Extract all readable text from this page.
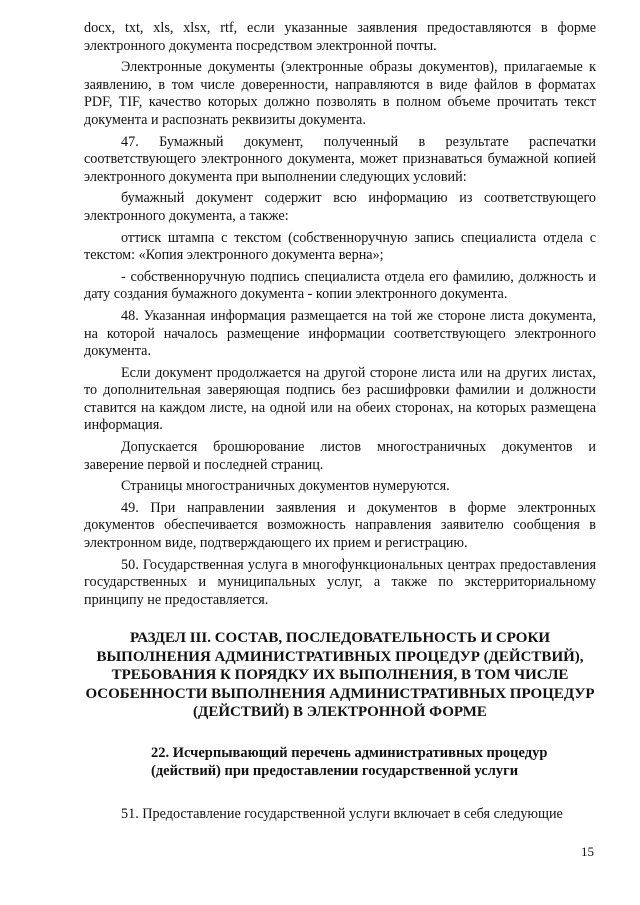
docx, txt, xls, xlsx, rtf, если указанные заявления предоставляются в форме электронного документа посредством электронной почты.

Электронные документы (электронные образы документов), прилагаемые к заявлению, в том числе доверенности, направляются в виде файлов в форматах PDF, TIF, качество которых должно позволять в полном объеме прочитать текст документа и распознать реквизиты документа.

47. Бумажный документ, полученный в результате распечатки соответствующего электронного документа, может признаваться бумажной копией электронного документа при выполнении следующих условий:

бумажный документ содержит всю информацию из соответствующего электронного документа, а также:

оттиск штампа с текстом (собственноручную запись специалиста отдела с текстом: «Копия электронного документа верна»;

- собственноручную подпись специалиста отдела его фамилию, должность и дату создания бумажного документа - копии электронного документа.

48. Указанная информация размещается на той же стороне листа документа, на которой началось размещение информации соответствующего электронного документа.

Если документ продолжается на другой стороне листа или на других листах, то дополнительная заверяющая подпись без расшифровки фамилии и должности ставится на каждом листе, на одной или на обеих сторонах, на которых размещена информация.

Допускается брошюрование листов многостраничных документов и заверение первой и последней страниц.

Страницы многостраничных документов нумеруются.

49. При направлении заявления и документов в форме электронных документов обеспечивается возможность направления заявителю сообщения в электронном виде, подтверждающего их прием и регистрацию.

50. Государственная услуга в многофункциональных центрах предоставления государственных и муниципальных услуг, а также по экстерриториальному принципу не предоставляется.

РАЗДЕЛ III. СОСТАВ, ПОСЛЕДОВАТЕЛЬНОСТЬ И СРОКИ ВЫПОЛНЕНИЯ АДМИНИСТРАТИВНЫХ ПРОЦЕДУР (ДЕЙСТВИЙ), ТРЕБОВАНИЯ К ПОРЯДКУ ИХ ВЫПОЛНЕНИЯ, В ТОМ ЧИСЛЕ ОСОБЕННОСТИ ВЫПОЛНЕНИЯ АДМИНИСТРАТИВНЫХ ПРОЦЕДУР (ДЕЙСТВИЙ) В ЭЛЕКТРОННОЙ ФОРМЕ
22. Исчерпывающий перечень административных процедур (действий) при предоставлении государственной услуги

51. Предоставление государственной услуги включает в себя следующие

15
